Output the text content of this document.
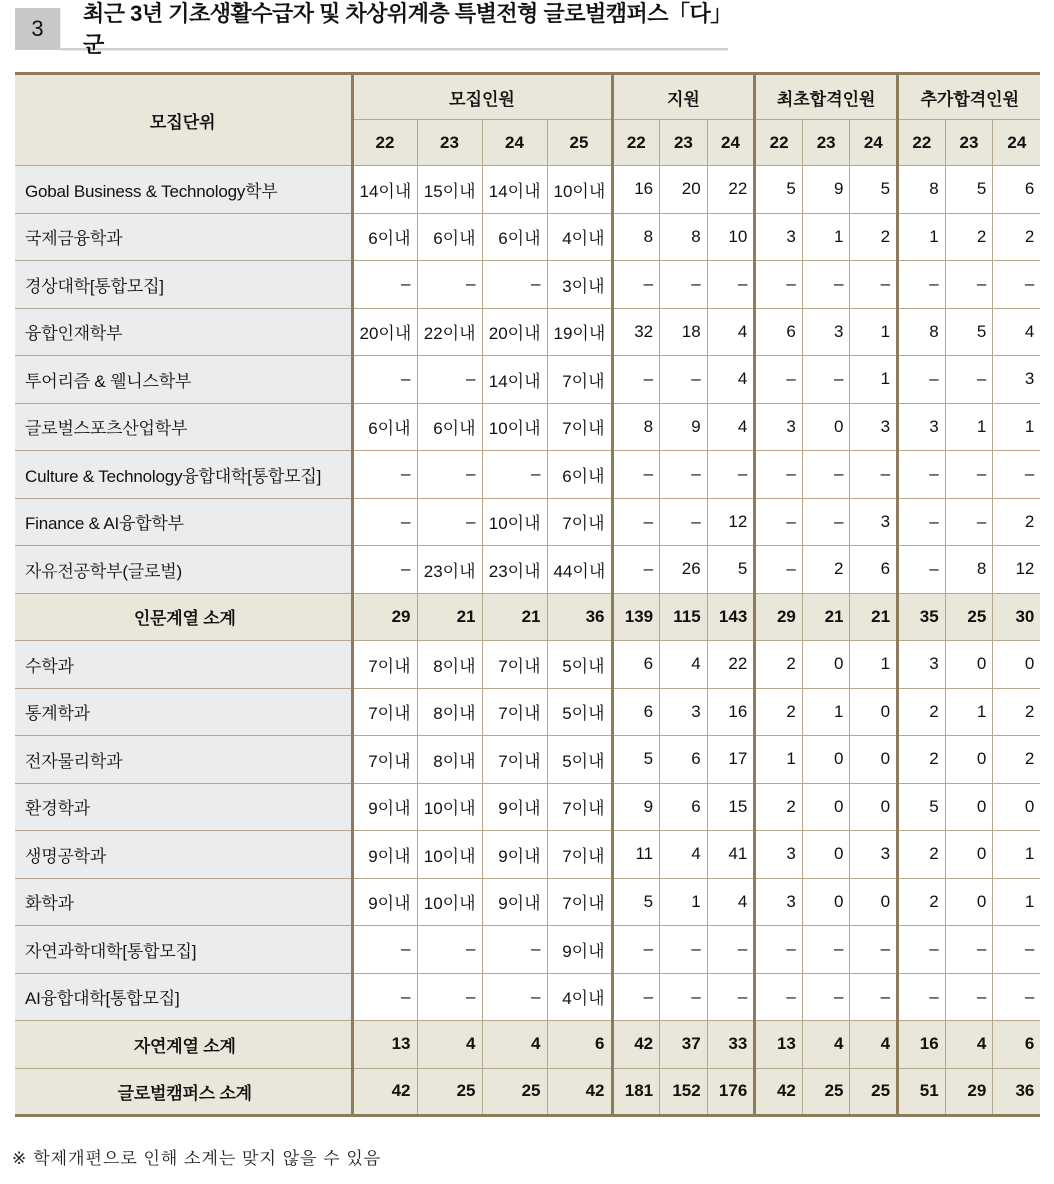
3
최근 3년 기초생활수급자 및 차상위계층 특별전형 글로벌캠퍼스「다」군
모집단위	모집인원				지원			최초합격인원			추가합격인원		
	22	23	24	25	22	23	24	22	23	24	22	23	24
Gobal Business & Technology학부	14이내	15이내	14이내	10이내	16	20	22	5	9	5	8	5	6
국제금융학과	6이내	6이내	6이내	4이내	8	8	10	3	1	2	1	2	2
경상대학[통합모집]	–	–	–	3이내	–	–	–	–	–	–	–	–	–
융합인재학부	20이내	22이내	20이내	19이내	32	18	4	6	3	1	8	5	4
투어리즘 & 웰니스학부	–	–	14이내	7이내	–	–	4	–	–	1	–	–	3
글로벌스포츠산업학부	6이내	6이내	10이내	7이내	8	9	4	3	0	3	3	1	1
Culture & Technology융합대학[통합모집]	–	–	–	6이내	–	–	–	–	–	–	–	–	–
Finance & AI융합학부	–	–	10이내	7이내	–	–	12	–	–	3	–	–	2
자유전공학부(글로벌)	–	23이내	23이내	44이내	–	26	5	–	2	6	–	8	12
인문계열 소계	29	21	21	36	139	115	143	29	21	21	35	25	30
수학과	7이내	8이내	7이내	5이내	6	4	22	2	0	1	3	0	0
통계학과	7이내	8이내	7이내	5이내	6	3	16	2	1	0	2	1	2
전자물리학과	7이내	8이내	7이내	5이내	5	6	17	1	0	0	2	0	2
환경학과	9이내	10이내	9이내	7이내	9	6	15	2	0	0	5	0	0
생명공학과	9이내	10이내	9이내	7이내	11	4	41	3	0	3	2	0	1
화학과	9이내	10이내	9이내	7이내	5	1	4	3	0	0	2	0	1
자연과학대학[통합모집]	–	–	–	9이내	–	–	–	–	–	–	–	–	–
AI융합대학[통합모집]	–	–	–	4이내	–	–	–	–	–	–	–	–	–
자연계열 소계	13	4	4	6	42	37	33	13	4	4	16	4	6
글로벌캠퍼스 소계	42	25	25	42	181	152	176	42	25	25	51	29	36
※ 학제개편으로 인해 소계는 맞지 않을 수 있음
